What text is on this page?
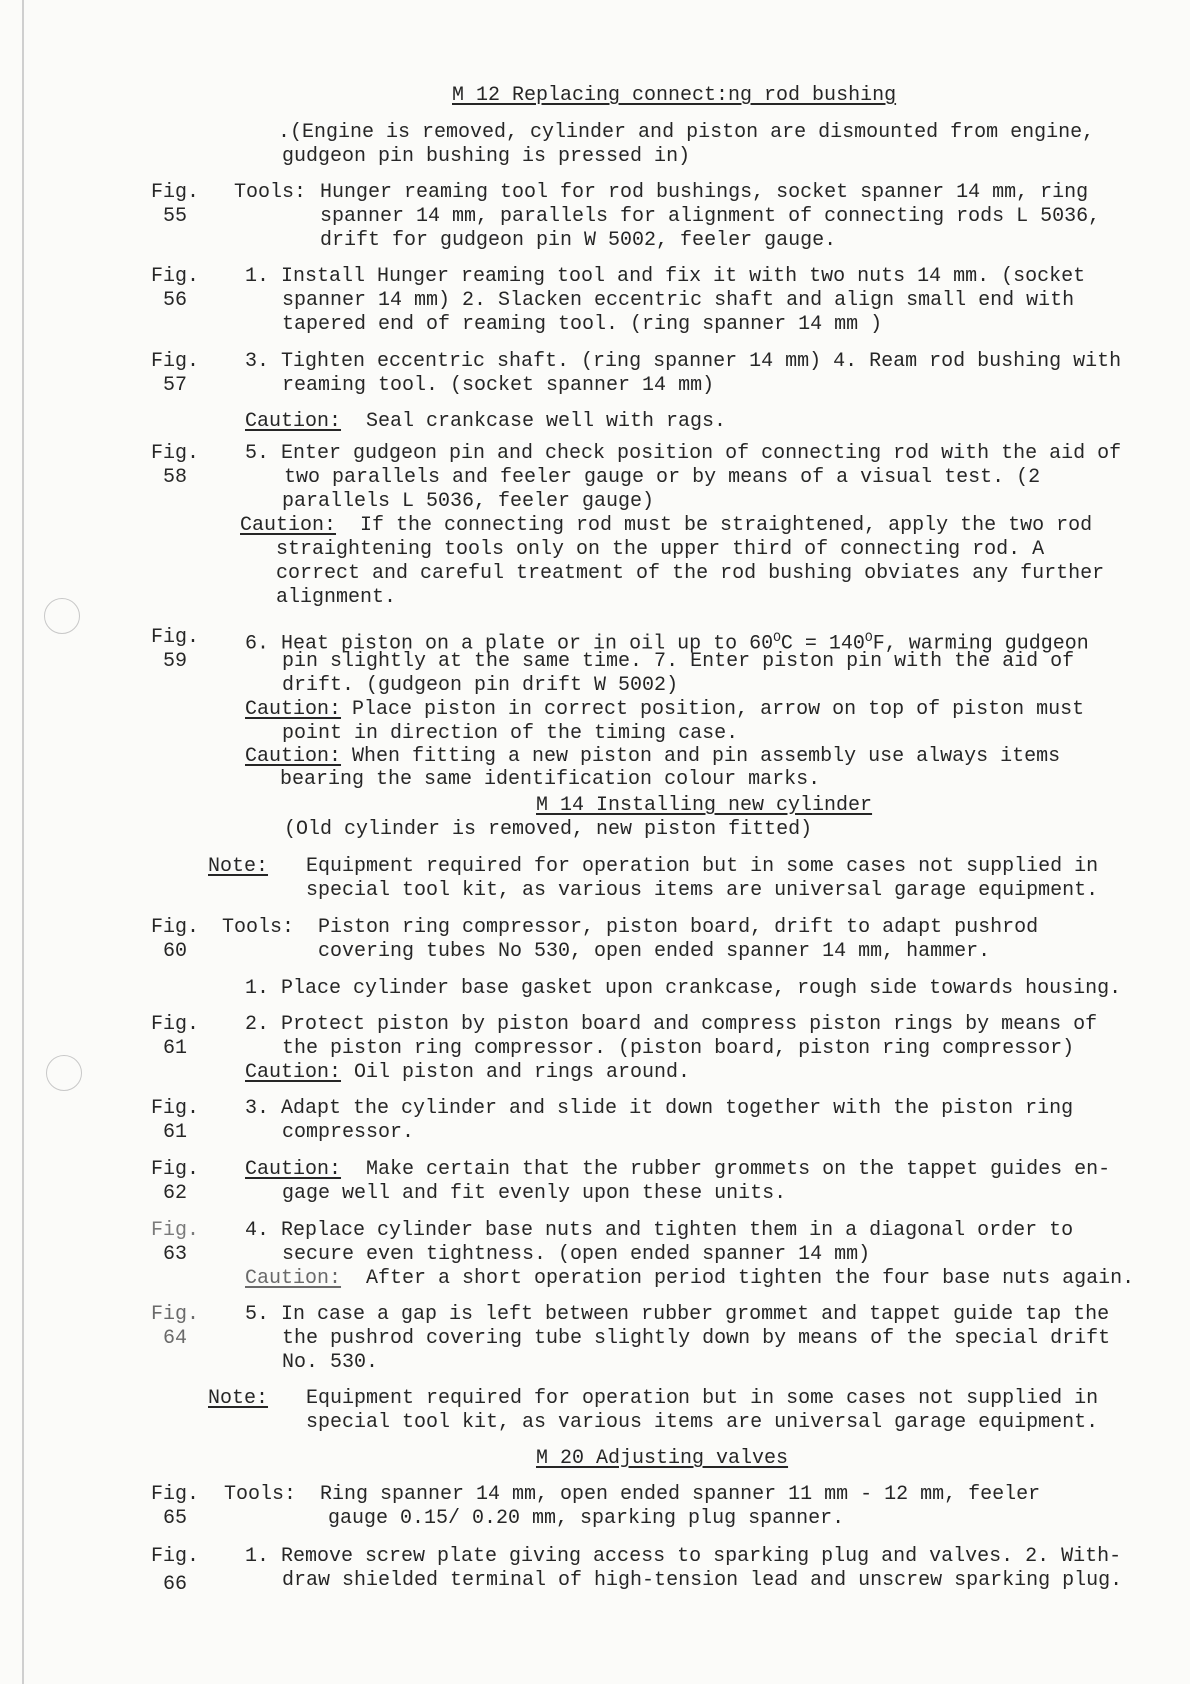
M 12 Replacing connect:ng rod bushing
.(Engine is removed, cylinder and piston are dismounted from engine,
gudgeon pin bushing is pressed in)
Fig.
55
Tools: Hunger reaming tool for rod bushings, socket spanner 14 mm, ring
spanner 14 mm, parallels for alignment of connecting rods L 5036,
drift for gudgeon pin W 5002, feeler gauge.
Fig.
56
1. Install Hunger reaming tool and fix it with two nuts 14 mm. (socket
spanner 14 mm) 2. Slacken eccentric shaft and align small end with
tapered end of reaming tool. (ring spanner 14 mm )
Fig.
57
3. Tighten eccentric shaft. (ring spanner 14 mm) 4. Ream rod bushing with
reaming tool. (socket spanner 14 mm)
Caution: Seal crankcase well with rags.
Fig.
58
5. Enter gudgeon pin and check position of connecting rod with the aid of
two parallels and feeler gauge or by means of a visual test. (2
parallels L 5036, feeler gauge)
Caution: If the connecting rod must be straightened, apply the two rod
straightening tools only on the upper third of connecting rod. A
correct and careful treatment of the rod bushing obviates any further
alignment.
Fig.
59
6. Heat piston on a plate or in oil up to $60^OC = 140^OF$, warming gudgeon
pin slightly at the same time. 7. Enter piston pin with the aid of
drift. (gudgeon pin drift W 5002)
Caution: Place piston in correct position, arrow on top of piston must
point in direction of the timing case.
Caution: When fitting a new piston and pin assembly use always items
bearing the same identification colour marks.
M 14 Installing new cylinder
(Old cylinder is removed, new piston fitted)
Note: Equipment required for operation but in some cases not supplied in
special tool kit, as various items are universal garage equipment.
Fig.
60
Tools: Piston ring compressor, piston board, drift to adapt pushrod
covering tubes No 530, open ended spanner 14 mm, hammer.
1. Place cylinder base gasket upon crankcase, rough side towards housing.
Fig.
61
2. Protect piston by piston board and compress piston rings by means of
the piston ring compressor. (piston board, piston ring compressor)
Caution: Oil piston and rings around.
Fig.
61
3. Adapt the cylinder and slide it down together with the piston ring
compressor.
Fig.
62
Caution: Make certain that the rubber grommets on the tappet guides en-
gage well and fit evenly upon these units.
Fig.
63
4. Replace cylinder base nuts and tighten them in a diagonal order to
secure even tightness. (open ended spanner 14 mm)
Caution: After a short operation period tighten the four base nuts again.
Fig.
64
5. In case a gap is left between rubber grommet and tappet guide tap the
the pushrod covering tube slightly down by means of the special drift
No. 530.
Note: Equipment required for operation but in some cases not supplied in
special tool kit, as various items are universal garage equipment.
M 20 Adjusting valves
Fig.
65
Tools: Ring spanner 14 mm, open ended spanner 11 mm - 12 mm, feeler
gauge 0.15/ 0.20 mm, sparking plug spanner.
Fig.
66
1. Remove screw plate giving access to sparking plug and valves. 2. With-
draw shielded terminal of high-tension lead and unscrew sparking plug.
